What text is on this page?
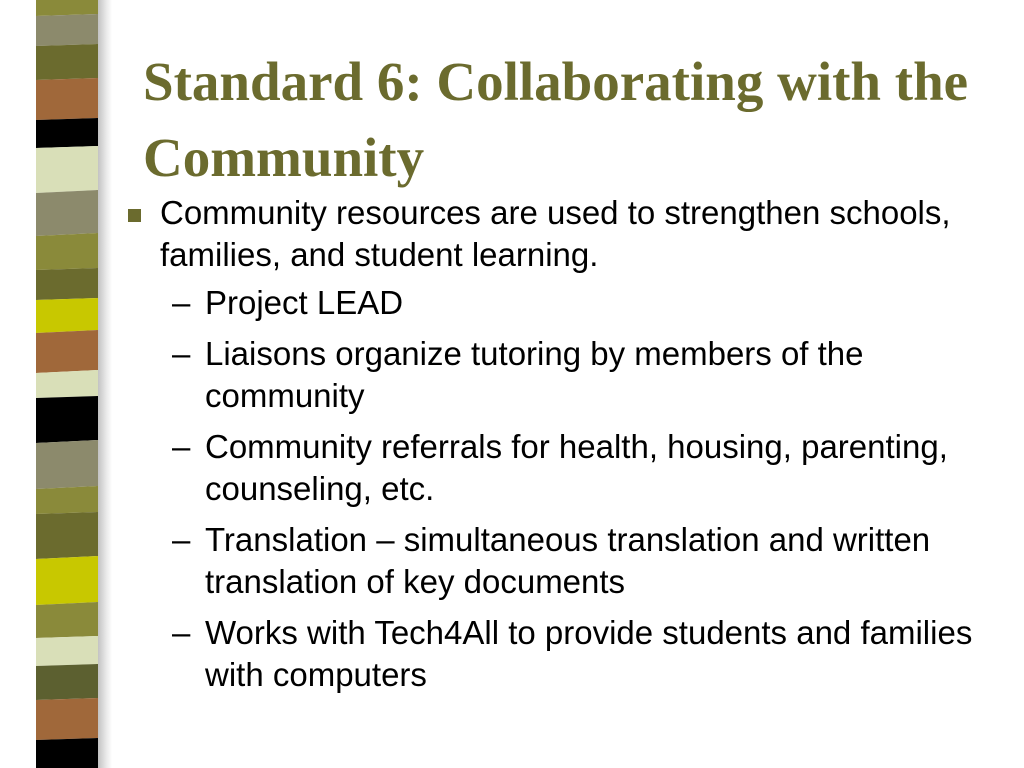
Standard 6: Collaborating with the Community
Community resources are used to strengthen schools, families, and student learning.
– Project LEAD
– Liaisons organize tutoring by members of the community
– Community referrals for health, housing, parenting, counseling, etc.
– Translation – simultaneous translation and written translation of key documents
– Works with Tech4All to provide students and families with computers
